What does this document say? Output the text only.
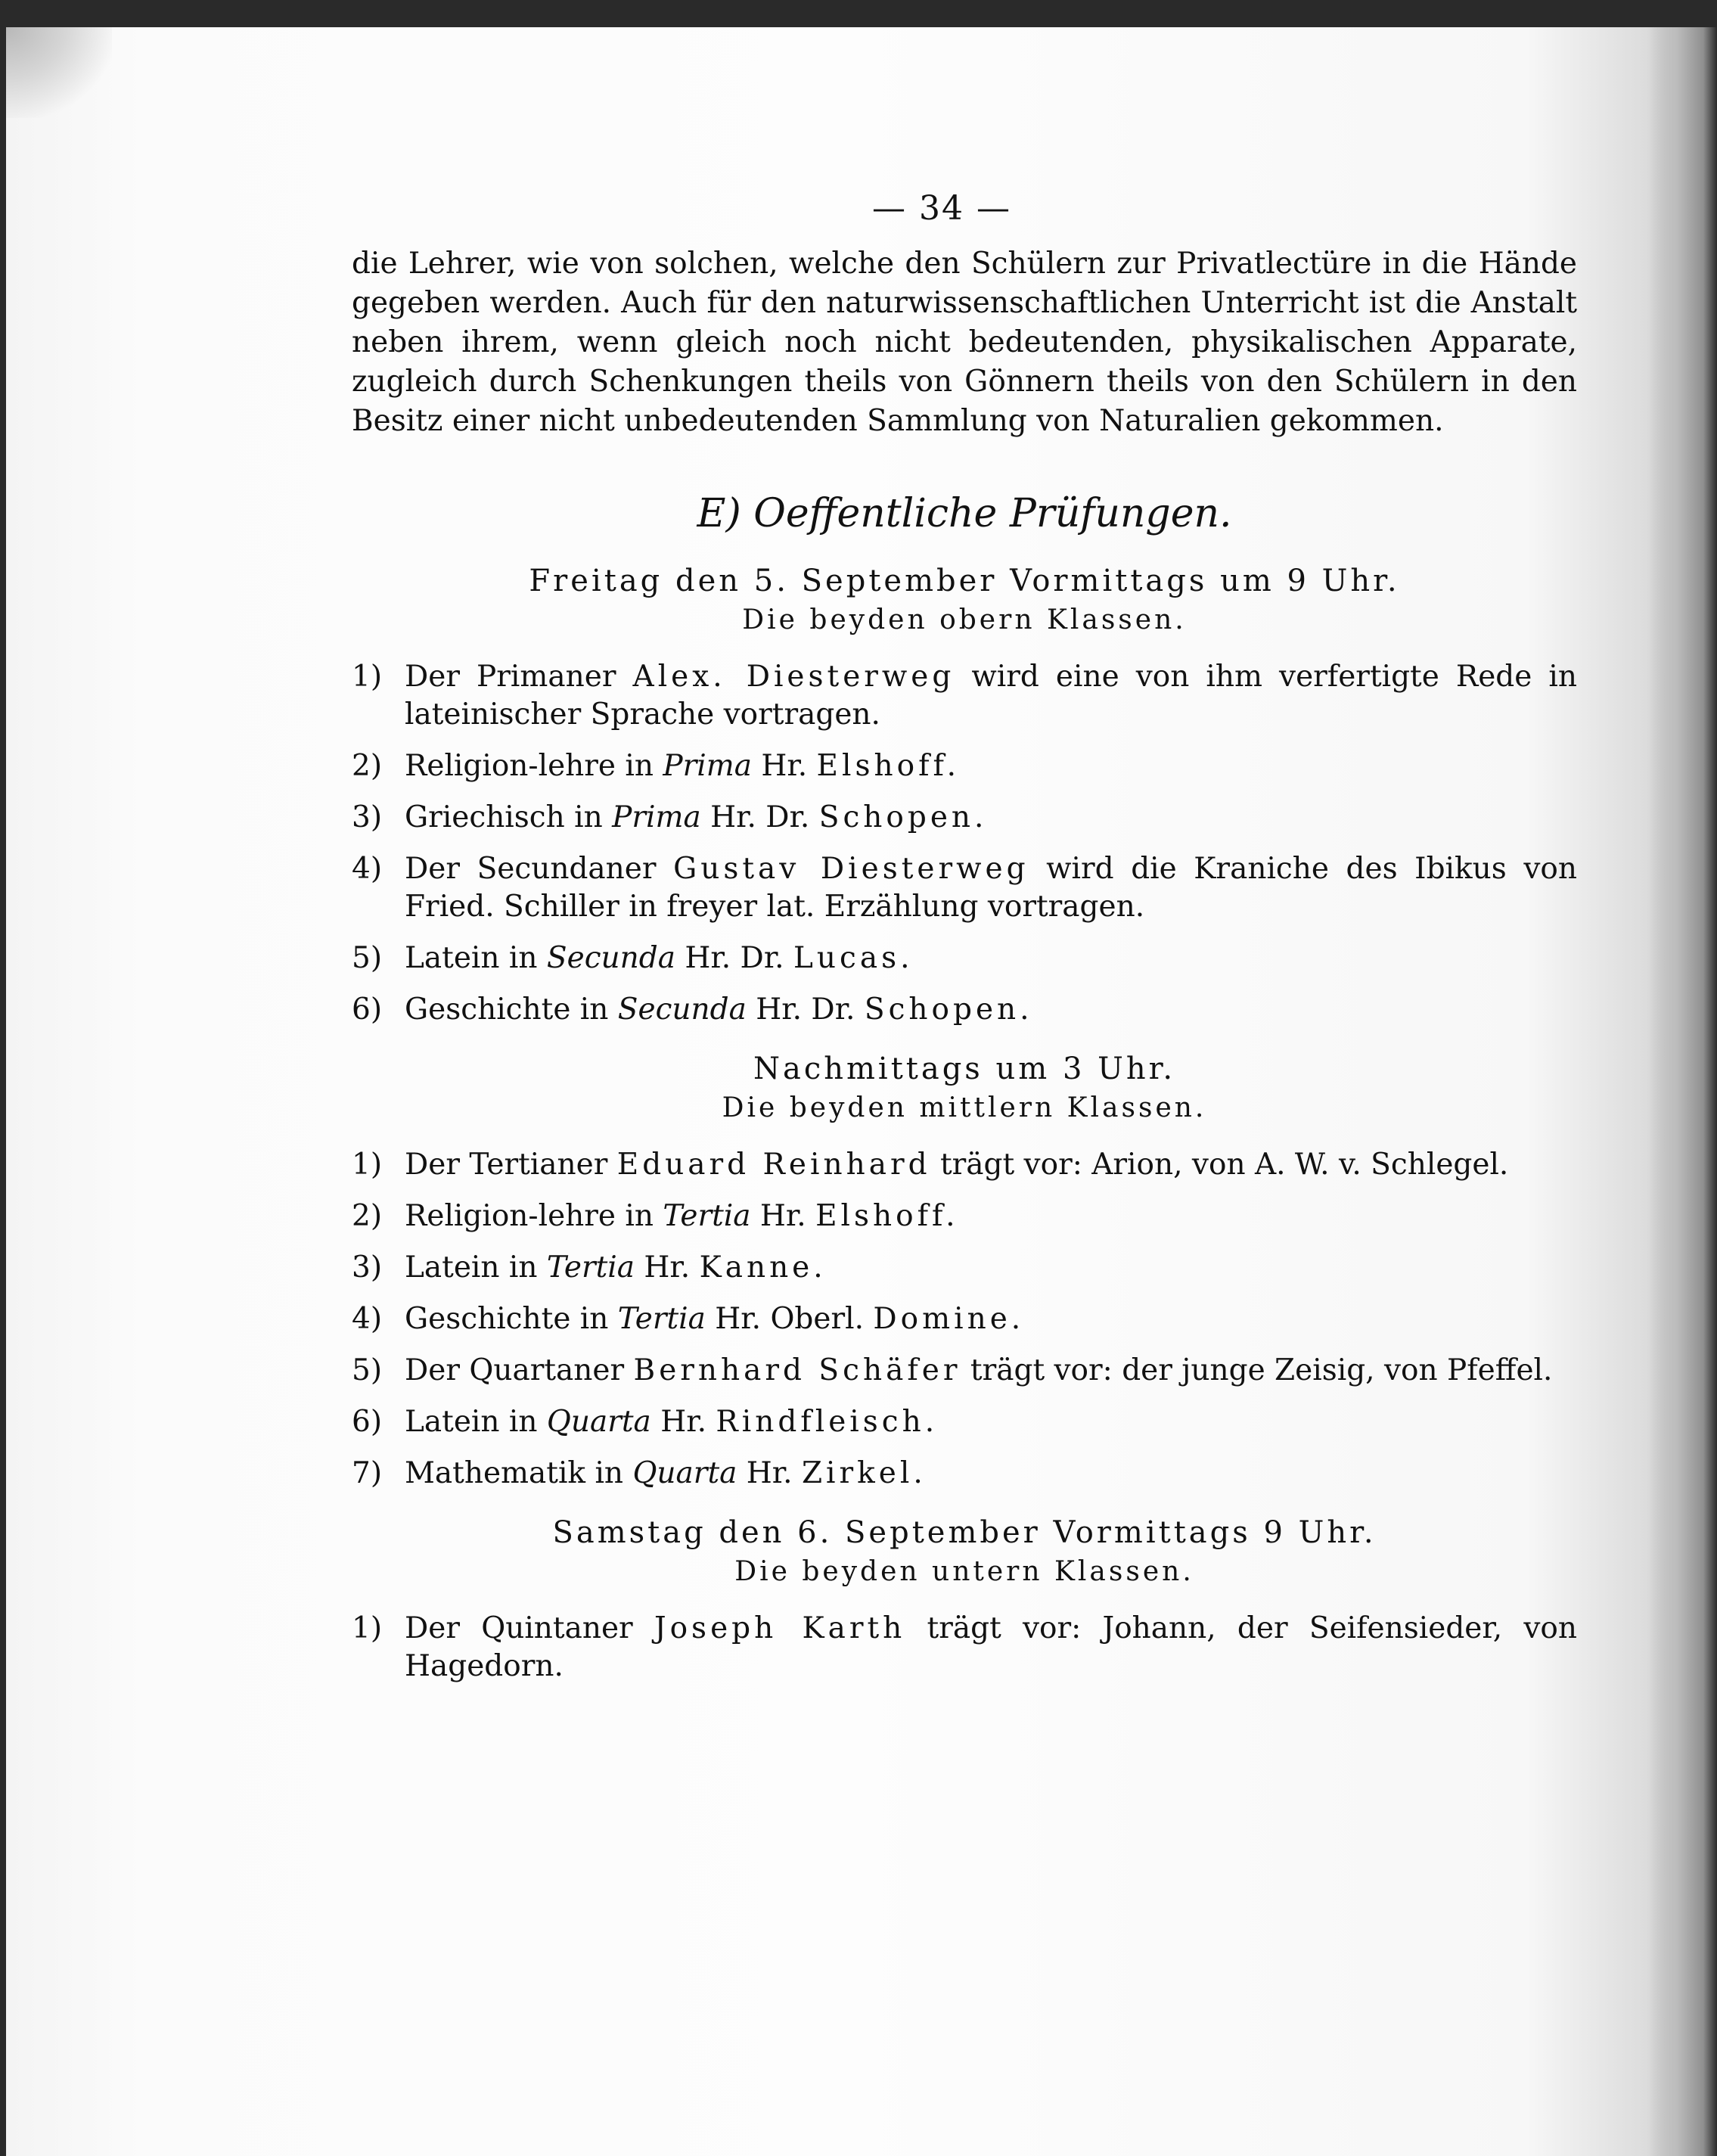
— 34 —

die Lehrer, wie von solchen, welche den Schülern zur Privatlectüre in die Hände gegeben werden. Auch für den naturwissenschaftlichen Unterricht ist die Anstalt neben ihrem, wenn gleich noch nicht bedeutenden, physikalischen Apparate, zugleich durch Schenkungen theils von Gönnern theils von den Schülern in den Besitz einer nicht unbedeutenden Sammlung von Naturalien gekommen.

E) Oeffentliche Prüfungen.
Freitag den 5. September Vormittags um 9 Uhr.
Die beyden obern Klassen.
1) Der Primaner Alex. Diesterweg wird eine von ihm verfertigte Rede in lateinischer Sprache vortragen.
2) Religion-lehre in Prima Hr. Elshoff.
3) Griechisch in Prima Hr. Dr. Schopen.
4) Der Secundaner Gustav Diesterweg wird die Kraniche des Ibikus von Fried. Schiller in freyer lat. Erzählung vortragen.
5) Latein in Secunda Hr. Dr. Lucas.
6) Geschichte in Secunda Hr. Dr. Schopen.
Nachmittags um 3 Uhr.
Die beyden mittlern Klassen.
1) Der Tertianer Eduard Reinhard trägt vor: Arion, von A. W. v. Schlegel.
2) Religion-lehre in Tertia Hr. Elshoff.
3) Latein in Tertia Hr. Kanne.
4) Geschichte in Tertia Hr. Oberl. Domine.
5) Der Quartaner Bernhard Schäfer trägt vor: der junge Zeisig, von Pfeffel.
6) Latein in Quarta Hr. Rindfleisch.
7) Mathematik in Quarta Hr. Zirkel.
Samstag den 6. September Vormittags 9 Uhr.
Die beyden untern Klassen.
1) Der Quintaner Joseph Karth trägt vor: Johann, der Seifensieder, von Hagedorn.
